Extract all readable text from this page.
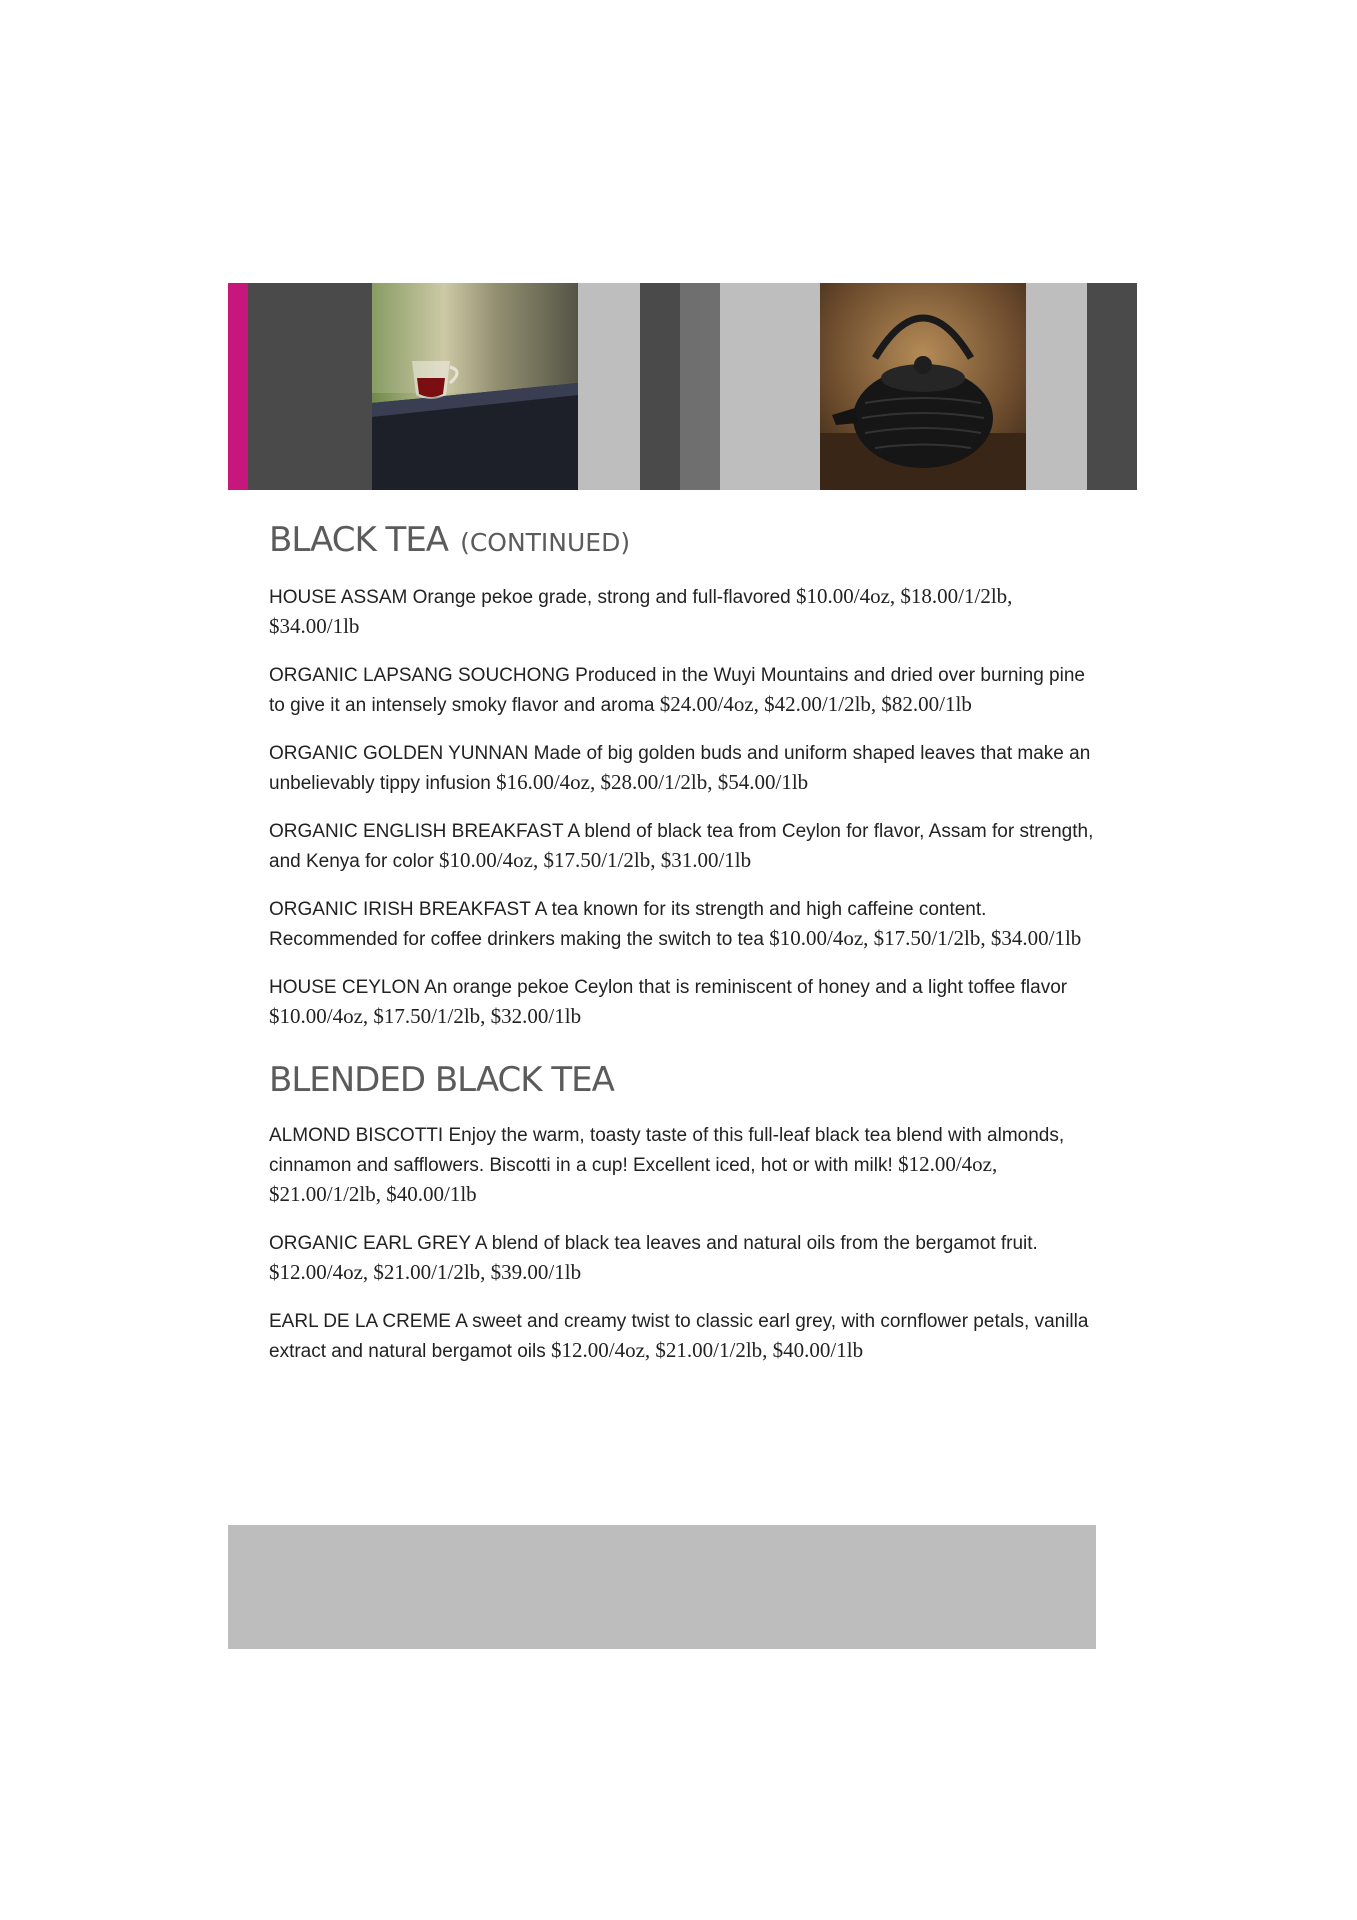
BLACK TEA (CONTINUED)

HOUSE ASSAM Orange pekoe grade, strong and full-flavored $10.00/4oz, $18.00/1/2lb, $34.00/1lb

ORGANIC LAPSANG SOUCHONG Produced in the Wuyi Mountains and dried over burning pine to give it an intensely smoky flavor and aroma $24.00/4oz, $42.00/1/2lb, $82.00/1lb

ORGANIC GOLDEN YUNNAN Made of big golden buds and uniform shaped leaves that make an unbelievably tippy infusion $16.00/4oz, $28.00/1/2lb, $54.00/1lb

ORGANIC ENGLISH BREAKFAST A blend of black tea from Ceylon for flavor, Assam for strength, and Kenya for color $10.00/4oz, $17.50/1/2lb, $31.00/1lb

ORGANIC IRISH BREAKFAST A tea known for its strength and high caffeine content. Recommended for coffee drinkers making the switch to tea $10.00/4oz, $17.50/1/2lb, $34.00/1lb

HOUSE CEYLON An orange pekoe Ceylon that is reminiscent of honey and a light toffee flavor $10.00/4oz, $17.50/1/2lb, $32.00/1lb

BLENDED BLACK TEA

ALMOND BISCOTTI Enjoy the warm, toasty taste of this full-leaf black tea blend with almonds, cinnamon and safflowers. Biscotti in a cup! Excellent iced, hot or with milk! $12.00/4oz, $21.00/1/2lb, $40.00/1lb

ORGANIC EARL GREY A blend of black tea leaves and natural oils from the bergamot fruit. $12.00/4oz, $21.00/1/2lb, $39.00/1lb

EARL DE LA CREME A sweet and creamy twist to classic earl grey, with cornflower petals, vanilla extract and natural bergamot oils $12.00/4oz, $21.00/1/2lb, $40.00/1lb
